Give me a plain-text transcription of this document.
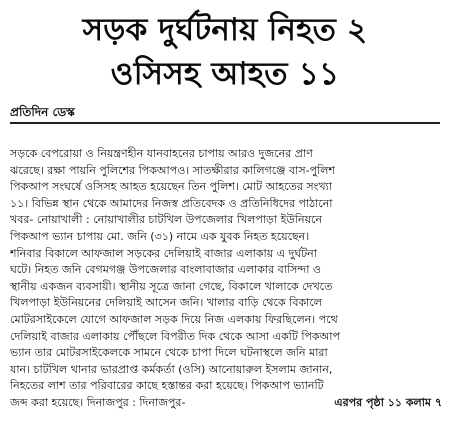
সড়ক দুর্ঘটনায় নিহত ২
ওসিসহ আহত ১১
প্রতিদিন ডেস্ক
সড়কে বেপরোয়া ও নিয়ন্ত্রণহীন যানবাহনের চাপায় আরও দুজনের প্রাণ
ঝরেছে। রক্ষা পায়নি পুলিশের পিকআপও। সাতক্ষীরার কালিগঞ্জে বাস-পুলিশ
পিকআপ সংঘর্ষে ওসিসহ আহত হয়েছেন তিন পুলিশ। মোট আহতের সংখ্যা
১১। বিভিন্ন স্থান থেকে আমাদের নিজস্ব প্রতিবেদক ও প্রতিনিধিদের পাঠানো
খবর- নোয়াখালী : নোয়াখালীর চাটখিল উপজেলার খিলপাড়া ইউনিয়নে
পিকআপ ভ্যান চাপায় মো. জনি (৩১) নামে এক যুবক নিহত হয়েছেন।
শনিবার বিকালে আফজাল সড়কের দেলিয়াই বাজার এলাকায় এ দুর্ঘটনা
ঘটে। নিহত জনি বেগমগঞ্জ উপজেলার বাংলাবাজার এলাকার বাসিন্দা ও
স্থানীয় একজন ব্যবসায়ী। স্থানীয় সূত্রে জানা গেছে, বিকালে খালাকে দেখতে
খিলপাড়া ইউনিয়নের দেলিয়াই আসেন জনি। খালার বাড়ি থেকে বিকালে
মোটরসাইকেলে যোগে আফজাল সড়ক দিয়ে নিজ এলকায় ফিরছিলেন। পথে
দেলিয়াই বাজার এলাকায় পৌঁছলে বিপরীত দিক থেকে আসা একটি পিকআপ
ভ্যান তার মোটরসাইকেলকে সামনে থেকে চাপা দিলে ঘটনাস্থলে জনি মারা
যান। চাটখিল থানার ভারপ্রাপ্ত কর্মকর্তা (ওসি) আনোয়ারুল ইসলাম জানান,
নিহতের লাশ তার পরিবারের কাছে হস্তান্তর করা হয়েছে। পিকআপ ভ্যানটি
জব্দ করা হয়েছে। দিনাজপুর : দিনাজপুর-	এরপর পৃষ্ঠা ১১ কলাম ৭
